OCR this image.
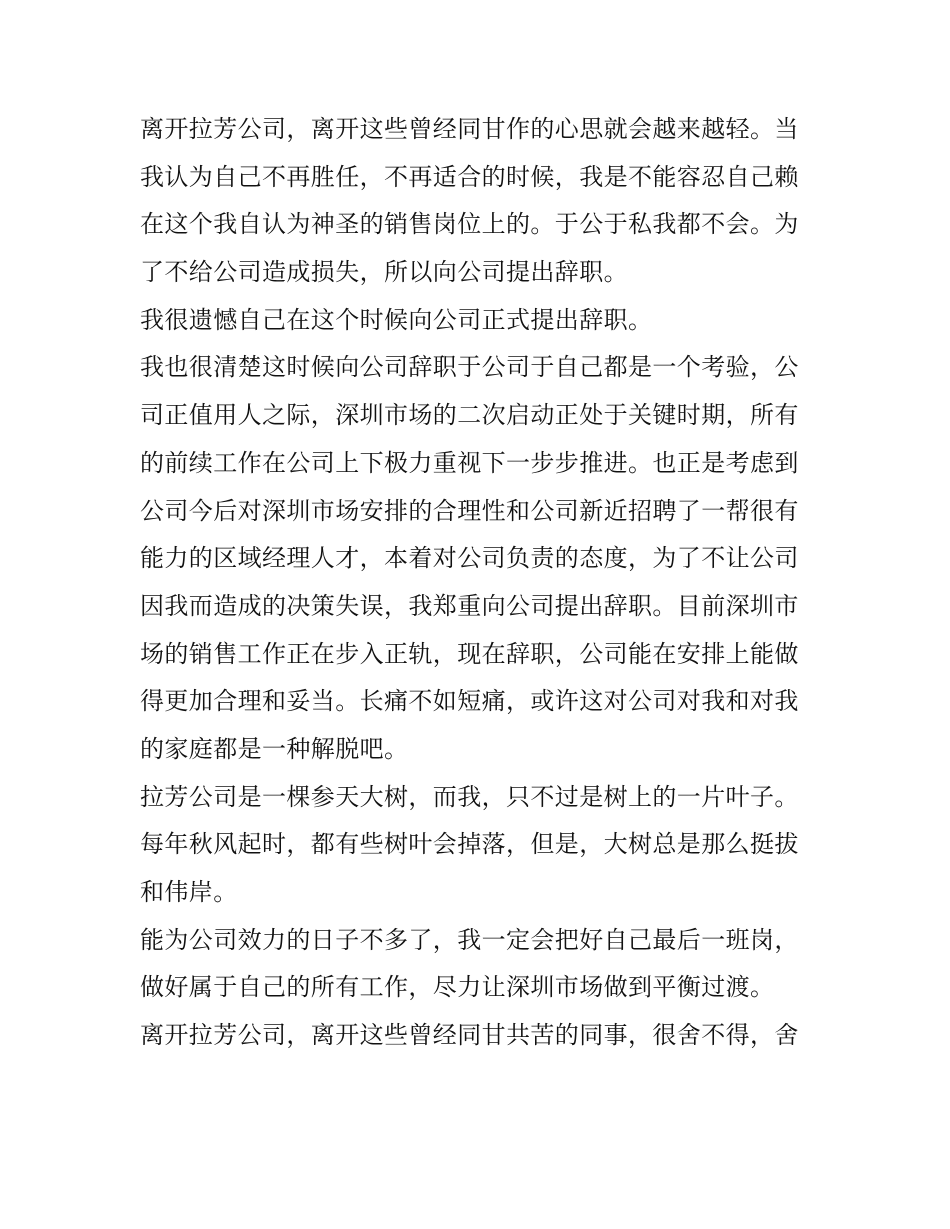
离开拉芳公司，离开这些曾经同甘作的心思就会越来越轻。当
我认为自己不再胜任，不再适合的时候，我是不能容忍自己赖
在这个我自认为神圣的销售岗位上的。于公于私我都不会。为
了不给公司造成损失，所以向公司提出辞职。
我很遗憾自己在这个时候向公司正式提出辞职。
我也很清楚这时候向公司辞职于公司于自己都是一个考验，公
司正值用人之际，深圳市场的二次启动正处于关键时期，所有
的前续工作在公司上下极力重视下一步步推进。也正是考虑到
公司今后对深圳市场安排的合理性和公司新近招聘了一帮很有
能力的区域经理人才，本着对公司负责的态度，为了不让公司
因我而造成的决策失误，我郑重向公司提出辞职。目前深圳市
场的销售工作正在步入正轨，现在辞职，公司能在安排上能做
得更加合理和妥当。长痛不如短痛，或许这对公司对我和对我
的家庭都是一种解脱吧。
拉芳公司是一棵参天大树，而我，只不过是树上的一片叶子。
每年秋风起时，都有些树叶会掉落，但是，大树总是那么挺拔
和伟岸。
能为公司效力的日子不多了，我一定会把好自己最后一班岗，
做好属于自己的所有工作，尽力让深圳市场做到平衡过渡。
离开拉芳公司，离开这些曾经同甘共苦的同事，很舍不得，舍
